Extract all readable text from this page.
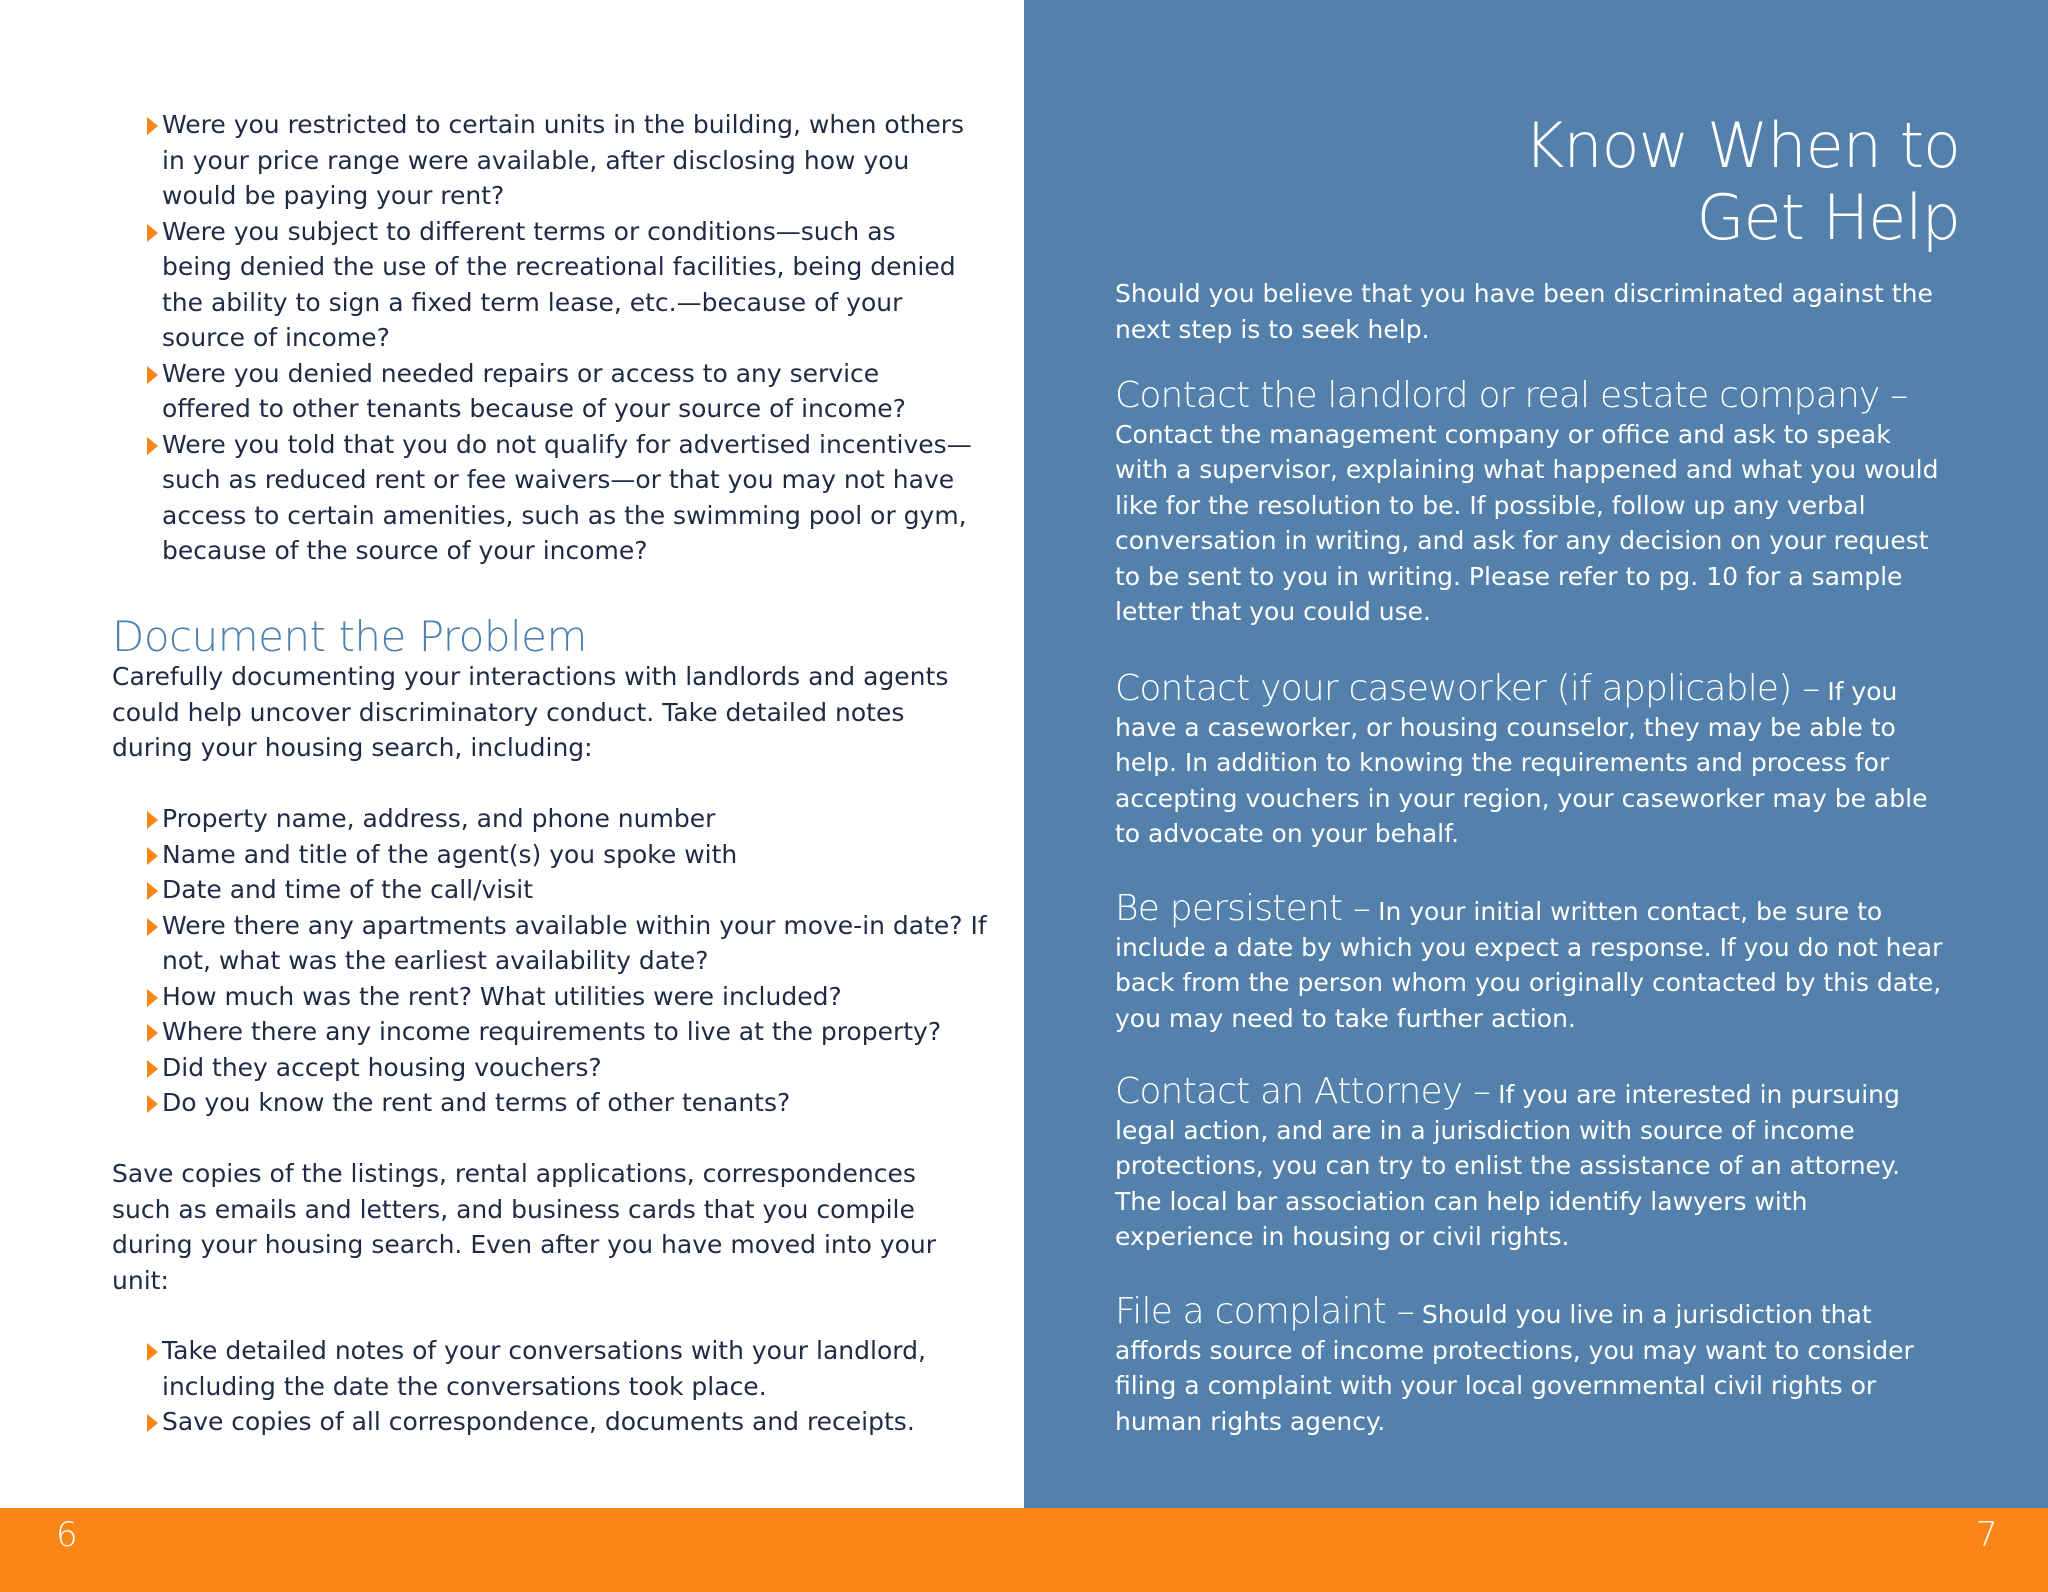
Were you restricted to certain units in the building, when others in your price range were available, after disclosing how you would be paying your rent?
Were you subject to different terms or conditions—such as being denied the use of the recreational facilities, being denied the ability to sign a fixed term lease, etc.—because of your source of income?
Were you denied needed repairs or access to any service offered to other tenants because of your source of income?
Were you told that you do not qualify for advertised incentives—such as reduced rent or fee waivers—or that you may not have access to certain amenities, such as the swimming pool or gym, because of the source of your income?
Document the Problem

Carefully documenting your interactions with landlords and agents could help uncover discriminatory conduct. Take detailed notes during your housing search, including:

Property name, address, and phone number
Name and title of the agent(s) you spoke with
Date and time of the call/visit
Were there any apartments available within your move-in date? If not, what was the earliest availability date?
How much was the rent? What utilities were included?
Where there any income requirements to live at the property?
Did they accept housing vouchers?
Do you know the rent and terms of other tenants?

Save copies of the listings, rental applications, correspondences such as emails and letters, and business cards that you compile during your housing search. Even after you have moved into your unit:

Take detailed notes of your conversations with your landlord, including the date the conversations took place.
Save copies of all correspondence, documents and receipts.
Know When to
Get Help

Should you believe that you have been discriminated against the next step is to seek help.

Contact the landlord or real estate company –
Contact the management company or office and ask to speak with a supervisor, explaining what happened and what you would like for the resolution to be. If possible, follow up any verbal conversation in writing, and ask for any decision on your request to be sent to you in writing. Please refer to pg. 10 for a sample letter that you could use.

Contact your caseworker (if applicable) – If you have a caseworker, or housing counselor, they may be able to help. In addition to knowing the requirements and process for accepting vouchers in your region, your caseworker may be able to advocate on your behalf.

Be persistent – In your initial written contact, be sure to include a date by which you expect a response. If you do not hear back from the person whom you originally contacted by this date, you may need to take further action.

Contact an Attorney – If you are interested in pursuing legal action, and are in a jurisdiction with source of income protections, you can try to enlist the assistance of an attorney. The local bar association can help identify lawyers with experience in housing or civil rights.

File a complaint – Should you live in a jurisdiction that affords source of income protections, you may want to consider filing a complaint with your local governmental civil rights or human rights agency.

6	7
